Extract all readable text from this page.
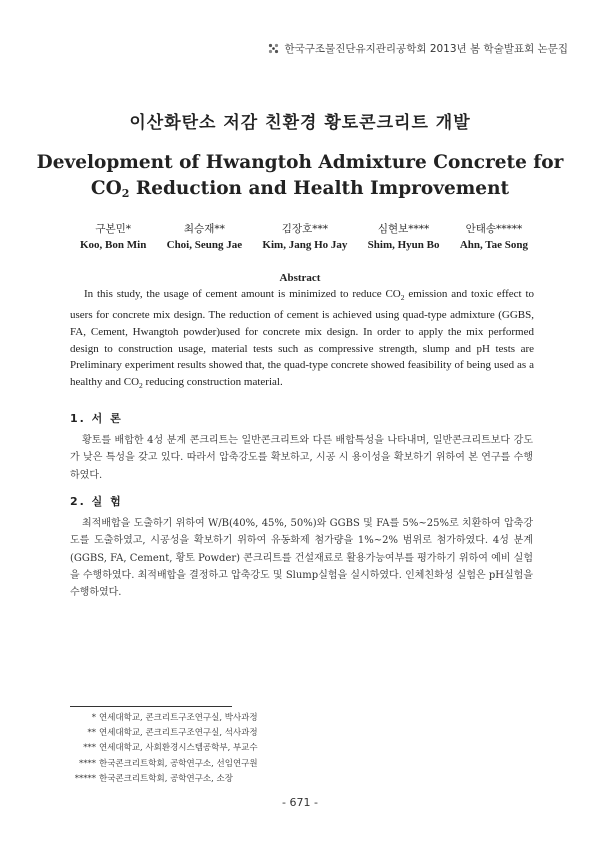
한국구조물진단유지관리공학회 2013년 봄 학술발표회 논문집
이산화탄소 저감 친환경 황토콘크리트 개발
Development of Hwangtoh Admixture Concrete for
$CO_2$ Reduction and Health Improvement
구본민*
Koo, Bon Min
최승재**
Choi, Seung Jae
김장호***
Kim, Jang Ho Jay
심현보****
Shim, Hyun Bo
안태송*****
Ahn, Tae Song
Abstract

In this study, the usage of cement amount is minimized to reduce $CO_2$ emission and toxic effect to users for concrete mix design. The reduction of cement is achieved using quad-type admixture (GGBS, FA, Cement, Hwangtoh powder)used for concrete mix design. In order to apply the mix performed design to construction usage, material tests such as compressive strength, slump and pH tests are Preliminary experiment results showed that, the quad-type concrete showed feasibility of being used as a healthy and $CO_2$ reducing construction material.

1. 서 론

황토를 배합한 4성 분계 콘크리트는 일반콘크리트와 다른 배합특성을 나타내며, 일반콘크리트보다 강도가 낮은 특성을 갖고 있다. 따라서 압축강도를 확보하고, 시공 시 용이성을 확보하기 위하여 본 연구를 수행하였다.

2. 실 험

최적배합을 도출하기 위하여 W/B(40%, 45%, 50%)와 GGBS 및 FA를 5%~25%로 치환하여 압축강도를 도출하였고, 시공성을 확보하기 위하여 유동화제 첨가량을 1%~2% 범위로 첨가하였다. 4성 분계(GGBS, FA, Cement, 황토 Powder) 콘크리트를 건설재료로 활용가능여부를 평가하기 위하여 예비 실험을 수행하였다. 최적배합을 결정하고 압축강도 및 Slump실험을 실시하였다. 인체친화성 실험은 pH실험을 수행하였다.

* 연세대학교, 콘크리트구조연구실, 박사과정
** 연세대학교, 콘크리트구조연구실, 석사과정
*** 연세대학교, 사회환경시스템공학부, 부교수
**** 한국콘크리트학회, 공학연구소, 선임연구원
***** 한국콘크리트학회, 공학연구소, 소장
- 671 -
